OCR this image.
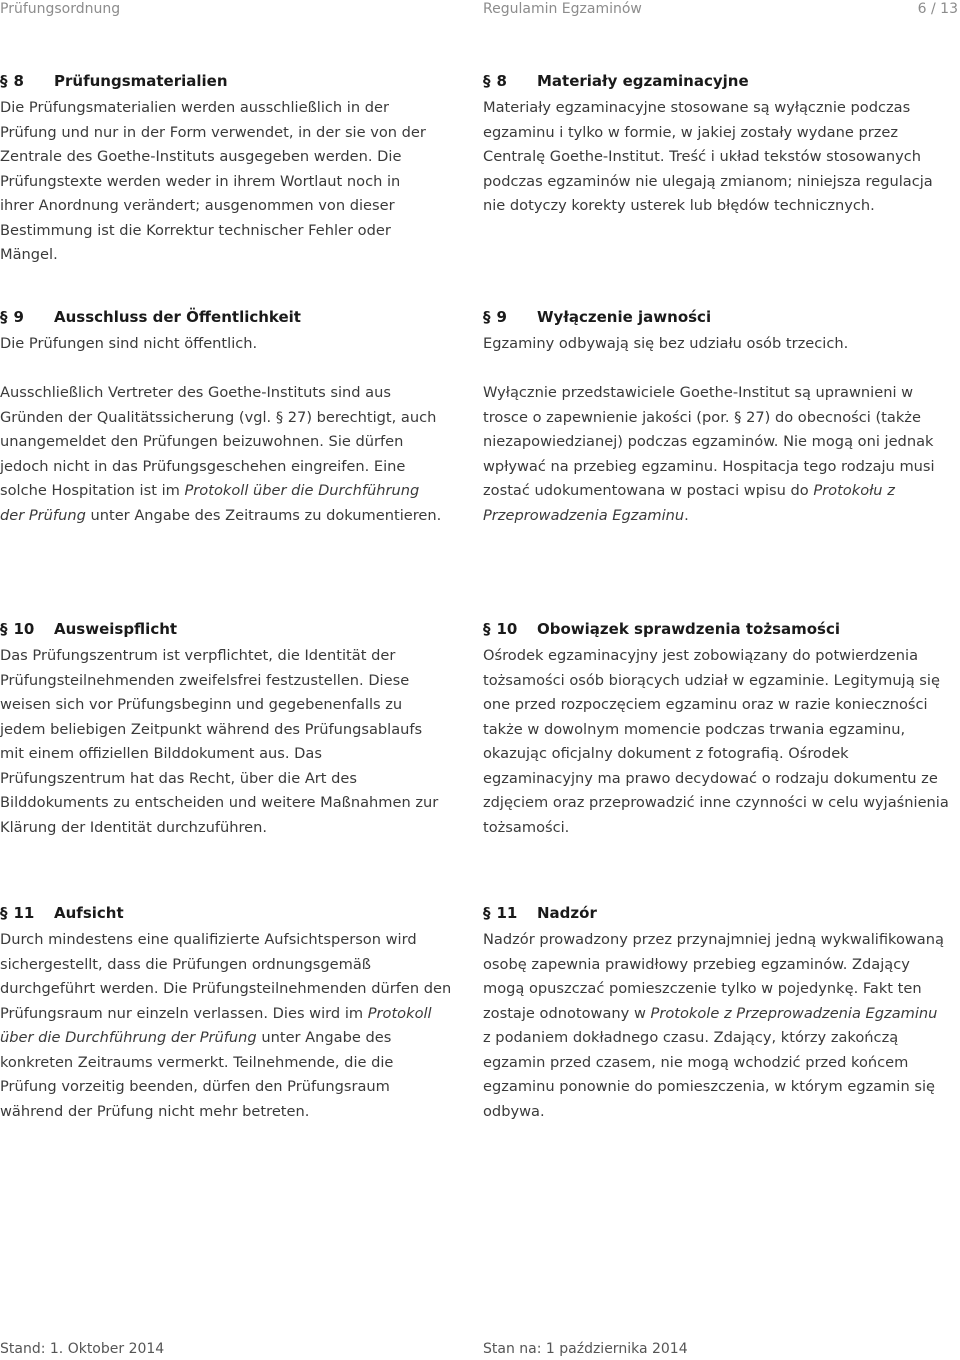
Prüfungsordnung	Regulamin Egzaminów	6 / 13
§ 8	Prüfungsmaterialien

Die Prüfungsmaterialien werden ausschließlich in der Prüfung und nur in der Form verwendet, in der sie von der Zentrale des Goethe-Instituts ausgegeben werden. Die Prüfungstexte werden weder in ihrem Wortlaut noch in ihrer Anordnung verändert; ausgenommen von dieser Bestimmung ist die Korrektur technischer Fehler oder Mängel.

§ 8	Materiały egzaminacyjne

Materiały egzaminacyjne stosowane są wyłącznie podczas egzaminu i tylko w formie, w jakiej zostały wydane przez Centralę Goethe-Institut. Treść i układ tekstów stosowanych podczas egzaminów nie ulegają zmianom; niniejsza regulacja nie dotyczy korekty usterek lub błędów technicznych.

§ 9	Ausschluss der Öffentlichkeit

Die Prüfungen sind nicht öffentlich.

Ausschließlich Vertreter des Goethe-Instituts sind aus Gründen der Qualitätssicherung (vgl. § 27) berechtigt, auch unangemeldet den Prüfungen beizuwohnen. Sie dürfen jedoch nicht in das Prüfungsgeschehen eingreifen. Eine solche Hospitation ist im Protokoll über die Durchführung der Prüfung unter Angabe des Zeitraums zu dokumentieren.

§ 9	Wyłączenie jawności

Egzaminy odbywają się bez udziału osób trzecich.

Wyłącznie przedstawiciele Goethe-Institut są uprawnieni w trosce o zapewnienie jakości (por. § 27) do obecności (także niezapowiedzianej) podczas egzaminów. Nie mogą oni jednak wpływać na przebieg egzaminu. Hospitacja tego rodzaju musi zostać udokumentowana w postaci wpisu do Protokołu z Przeprowadzenia Egzaminu.

§ 10	Ausweispflicht

Das Prüfungszentrum ist verpflichtet, die Identität der Prüfungsteilnehmenden zweifelsfrei festzustellen. Diese weisen sich vor Prüfungsbeginn und gegebenenfalls zu jedem beliebigen Zeitpunkt während des Prüfungsablaufs mit einem offiziellen Bilddokument aus. Das Prüfungszentrum hat das Recht, über die Art des Bilddokuments zu entscheiden und weitere Maßnahmen zur Klärung der Identität durchzuführen.

§ 10	Obowiązek sprawdzenia tożsamości

Ośrodek egzaminacyjny jest zobowiązany do potwierdzenia tożsamości osób biorących udział w egzaminie. Legitymują się one przed rozpoczęciem egzaminu oraz w razie konieczności także w dowolnym momencie podczas trwania egzaminu, okazując oficjalny dokument z fotografią. Ośrodek egzaminacyjny ma prawo decydować o rodzaju dokumentu ze zdjęciem oraz przeprowadzić inne czynności w celu wyjaśnienia tożsamości.

§ 11	Aufsicht

Durch mindestens eine qualifizierte Aufsichtsperson wird sichergestellt, dass die Prüfungen ordnungsgemäß durchgeführt werden. Die Prüfungsteilnehmenden dürfen den Prüfungsraum nur einzeln verlassen. Dies wird im Protokoll über die Durchführung der Prüfung unter Angabe des konkreten Zeitraums vermerkt. Teilnehmende, die die Prüfung vorzeitig beenden, dürfen den Prüfungsraum während der Prüfung nicht mehr betreten.

§ 11	Nadzór

Nadzór prowadzony przez przynajmniej jedną wykwalifikowaną osobę zapewnia prawidłowy przebieg egzaminów. Zdający mogą opuszczać pomieszczenie tylko w pojedynkę. Fakt ten zostaje odnotowany w Protokole z Przeprowadzenia Egzaminu z podaniem dokładnego czasu. Zdający, którzy zakończą egzamin przed czasem, nie mogą wchodzić przed końcem egzaminu ponownie do pomieszczenia, w którym egzamin się odbywa.

Stand: 1. Oktober 2014	Stan na: 1 października 2014
